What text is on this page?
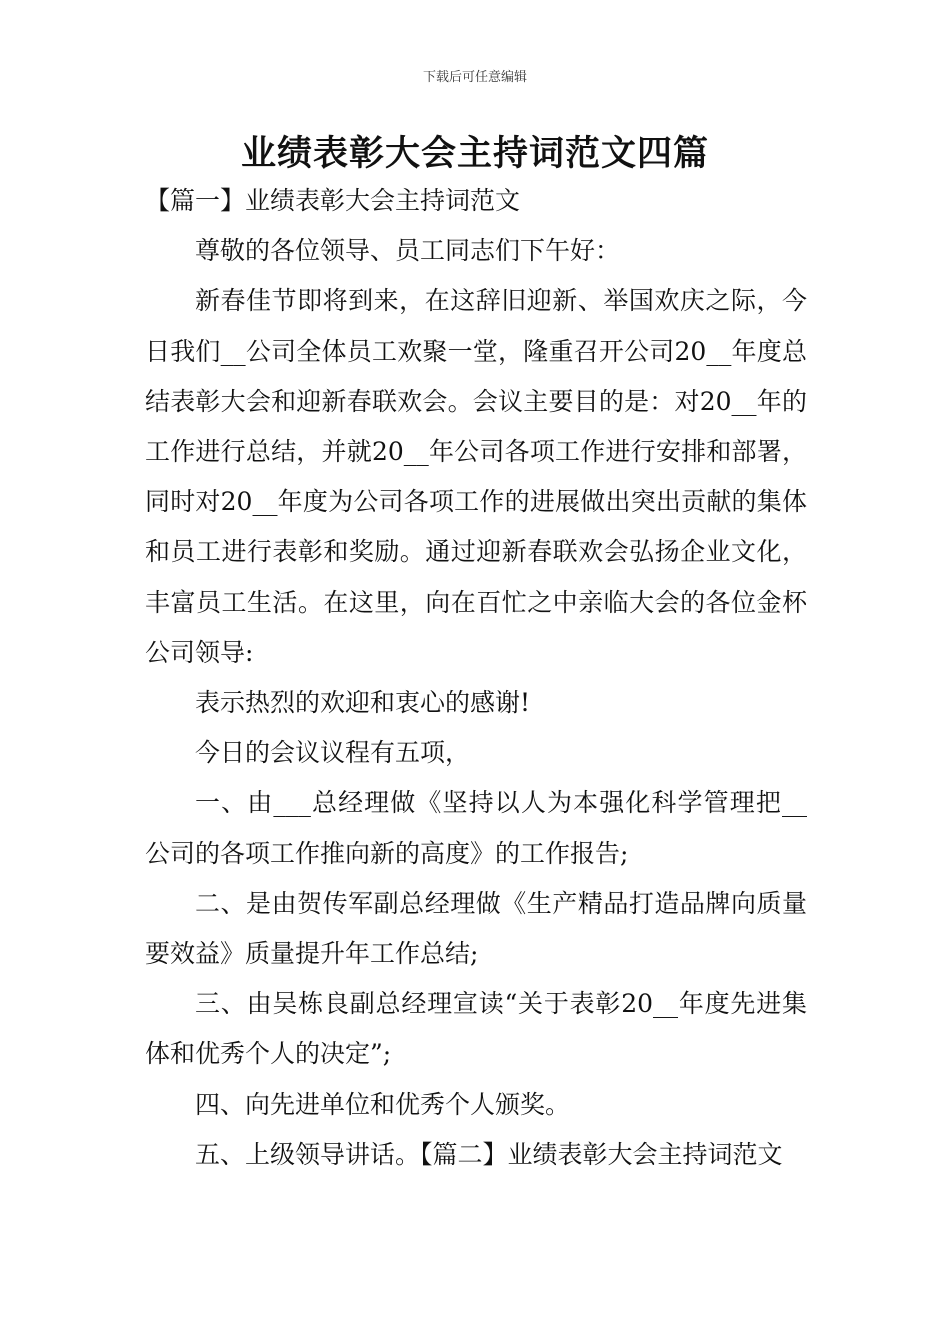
下载后可任意编辑
业绩表彰大会主持词范文四篇

【篇一】业绩表彰大会主持词范文

尊敬的各位领导、员工同志们下午好：

新春佳节即将到来，在这辞旧迎新、举国欢庆之际，今日我们__公司全体员工欢聚一堂，隆重召开公司20__年度总结表彰大会和迎新春联欢会。会议主要目的是：对20__年的工作进行总结，并就20__年公司各项工作进行安排和部署，同时对20__年度为公司各项工作的进展做出突出贡献的集体和员工进行表彰和奖励。通过迎新春联欢会弘扬企业文化，丰富员工生活。在这里，向在百忙之中亲临大会的各位金杯公司领导:

表示热烈的欢迎和衷心的感谢!

今日的会议议程有五项，

一、由___总经理做《坚持以人为本强化科学管理把__公司的各项工作推向新的高度》的工作报告;

二、是由贺传军副总经理做《生产精品打造品牌向质量要效益》质量提升年工作总结;

三、由吴栋良副总经理宣读“关于表彰20__年度先进集体和优秀个人的决定”;

四、向先进单位和优秀个人颁奖。

五、上级领导讲话。【篇二】业绩表彰大会主持词范文
